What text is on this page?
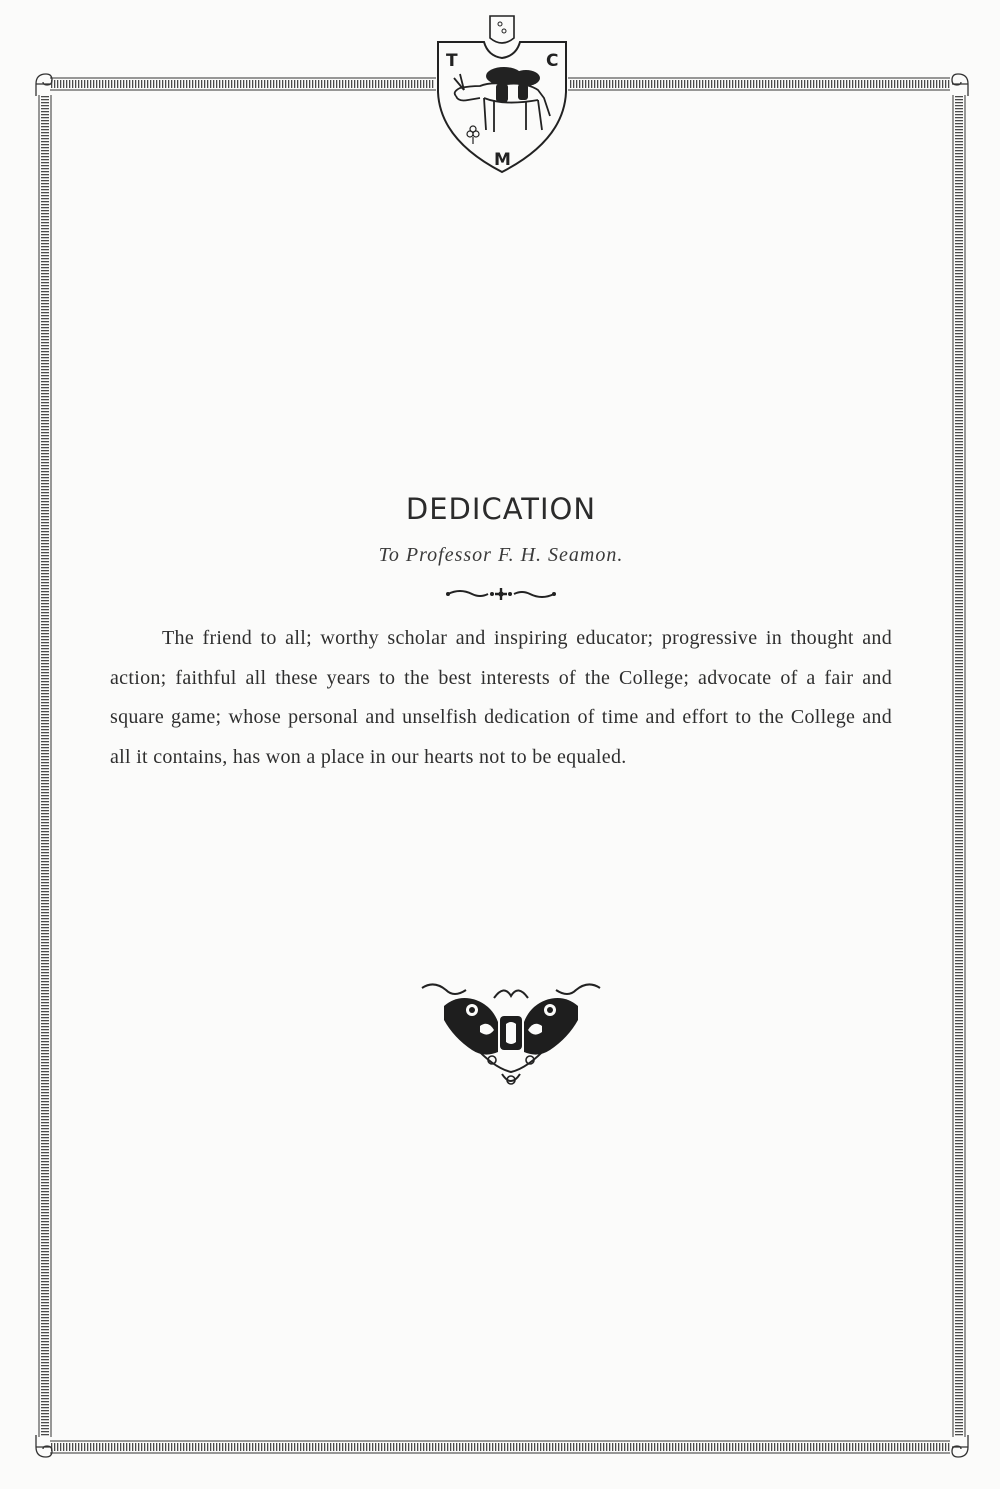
T	C
M
DEDICATION

To Professor F. H. Seamon.

The friend to all; worthy scholar and inspiring educator; progressive in thought and action; faithful all these years to the best interests of the College; advocate of a fair and square game; whose personal and unselfish dedication of time and effort to the College and all it contains, has won a place in our hearts not to be equaled.
